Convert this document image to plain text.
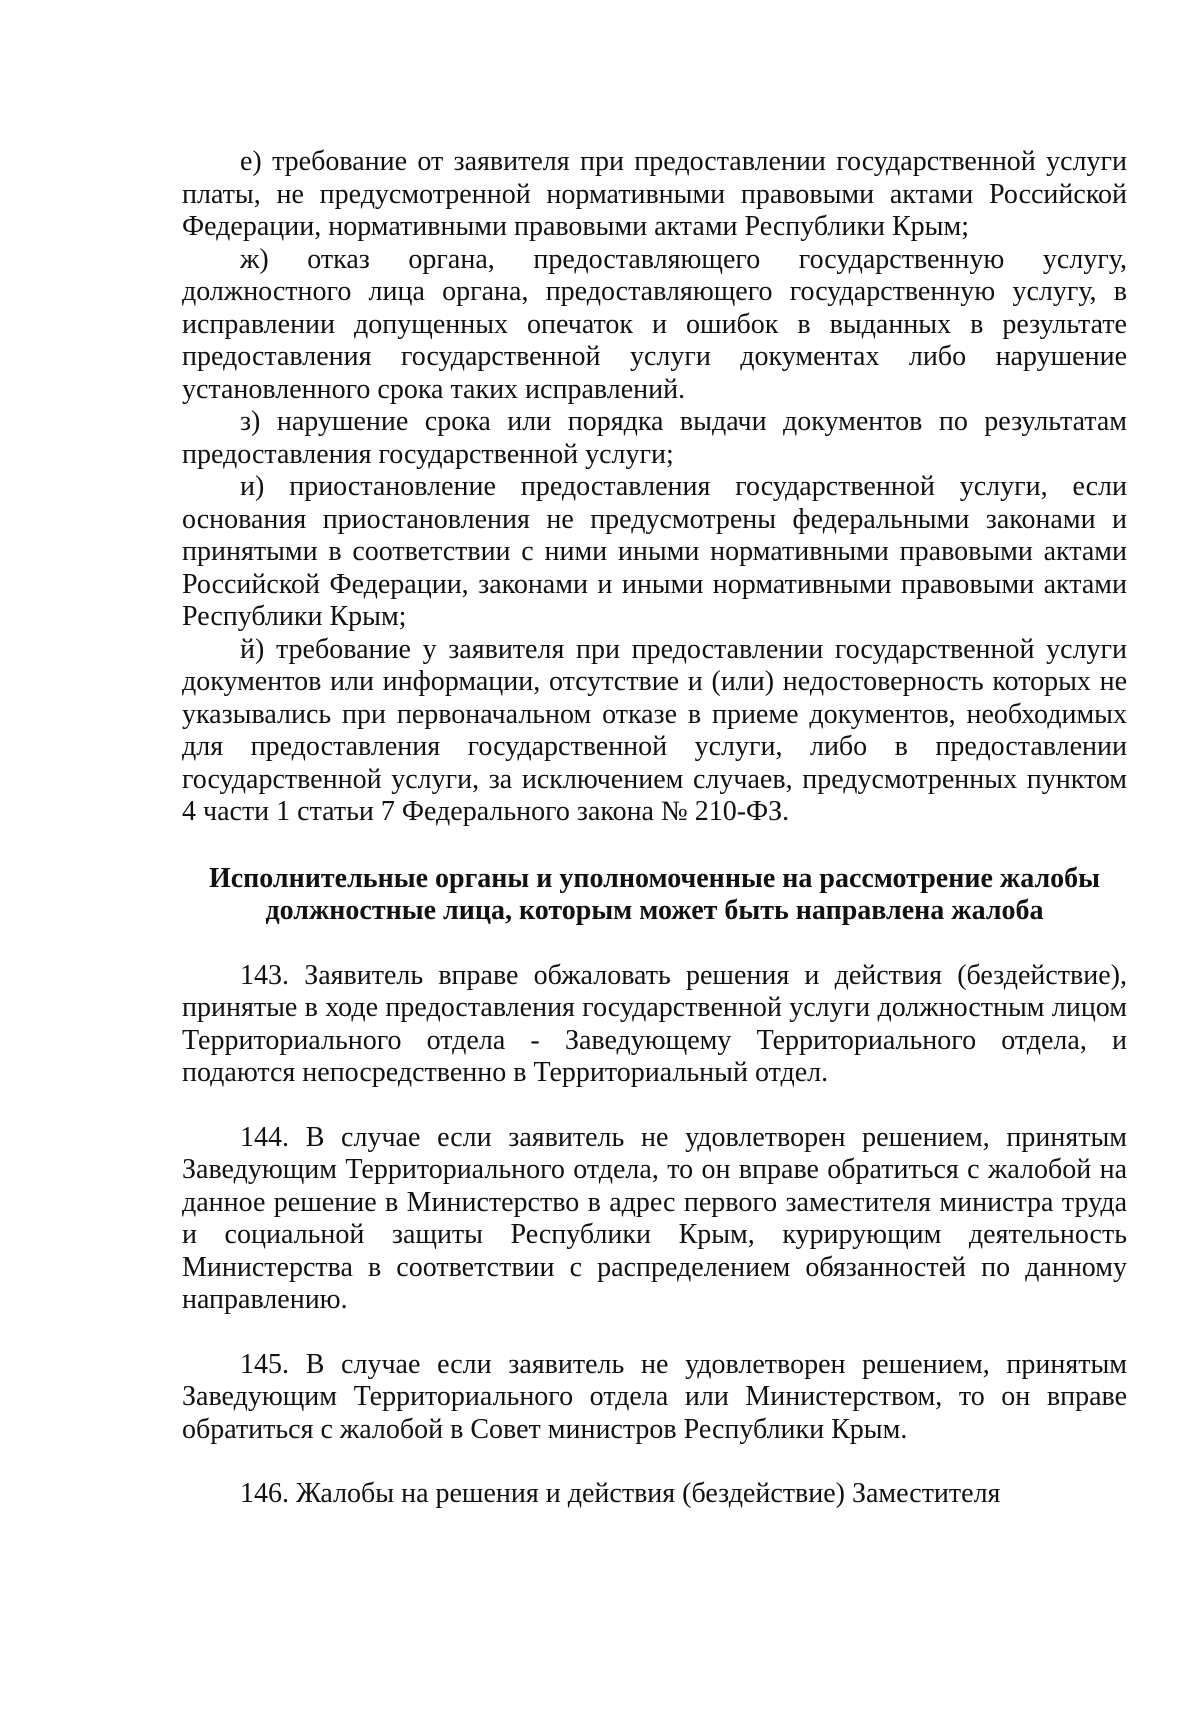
е) требование от заявителя при предоставлении государственной услуги платы, не предусмотренной нормативными правовыми актами Российской Федерации, нормативными правовыми актами Республики Крым;

ж) отказ органа, предоставляющего государственную услугу, должностного лица органа, предоставляющего государственную услугу, в исправлении допущенных опечаток и ошибок в выданных в результате предоставления государственной услуги документах либо нарушение установленного срока таких исправлений.

з) нарушение срока или порядка выдачи документов по результатам предоставления государственной услуги;

и) приостановление предоставления государственной услуги, если основания приостановления не предусмотрены федеральными законами и принятыми в соответствии с ними иными нормативными правовыми актами Российской Федерации, законами и иными нормативными правовыми актами Республики Крым;

й) требование у заявителя при предоставлении государственной услуги документов или информации, отсутствие и (или) недостоверность которых не указывались при первоначальном отказе в приеме документов, необходимых для предоставления государственной услуги, либо в предоставлении государственной услуги, за исключением случаев, предусмотренных пунктом 4 части 1 статьи 7 Федерального закона № 210-ФЗ.

Исполнительные органы и уполномоченные на рассмотрение жалобы должностные лица, которым может быть направлена жалоба

143. Заявитель вправе обжаловать решения и действия (бездействие), принятые в ходе предоставления государственной услуги должностным лицом Территориального отдела - Заведующему Территориального отдела, и подаются непосредственно в Территориальный отдел.

144. В случае если заявитель не удовлетворен решением, принятым Заведующим Территориального отдела, то он вправе обратиться с жалобой на данное решение в Министерство в адрес первого заместителя министра труда и социальной защиты Республики Крым, курирующим деятельность Министерства в соответствии с распределением обязанностей по данному направлению.

145. В случае если заявитель не удовлетворен решением, принятым Заведующим Территориального отдела или Министерством, то он вправе обратиться с жалобой в Совет министров Республики Крым.

146. Жалобы на решения и действия (бездействие) Заместителя
